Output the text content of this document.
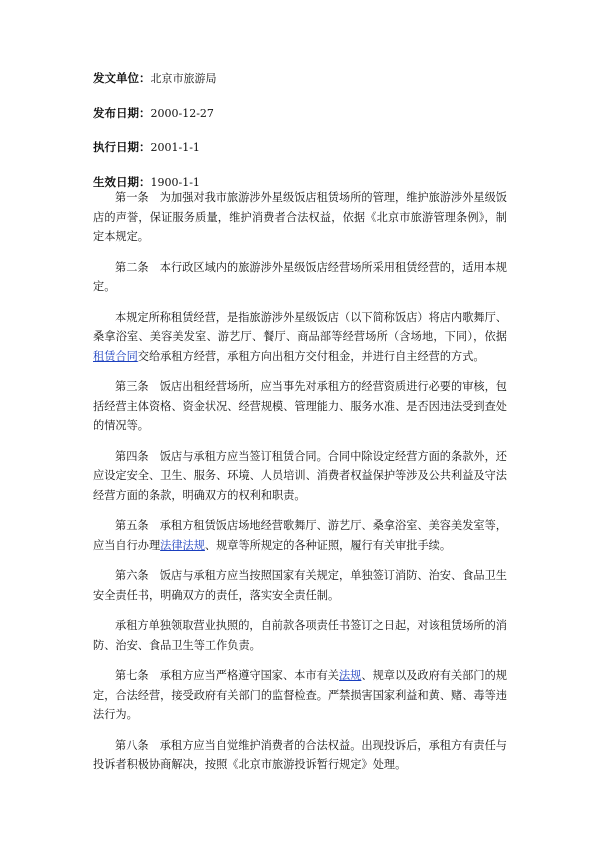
发文单位：北京市旅游局
发布日期：2000-12-27
执行日期：2001-1-1
生效日期：1900-1-1

第一条　为加强对我市旅游涉外星级饭店租赁场所的管理，维护旅游涉外星级饭店的声誉，保证服务质量，维护消费者合法权益，依据《北京市旅游管理条例》，制定本规定。

第二条　本行政区域内的旅游涉外星级饭店经营场所采用租赁经营的，适用本规定。

本规定所称租赁经营，是指旅游涉外星级饭店（以下简称饭店）将店内歌舞厅、桑拿浴室、美容美发室、游艺厅、餐厅、商品部等经营场所（含场地，下同），依据租赁合同交给承租方经营，承租方向出租方交付租金，并进行自主经营的方式。

第三条　饭店出租经营场所，应当事先对承租方的经营资质进行必要的审核，包括经营主体资格、资金状况、经营规模、管理能力、服务水准、是否因违法受到查处的情况等。

第四条　饭店与承租方应当签订租赁合同。合同中除设定经营方面的条款外，还应设定安全、卫生、服务、环境、人员培训、消费者权益保护等涉及公共利益及守法经营方面的条款，明确双方的权利和职责。

第五条　承租方租赁饭店场地经营歌舞厅、游艺厅、桑拿浴室、美容美发室等，应当自行办理法律法规、规章等所规定的各种证照，履行有关审批手续。

第六条　饭店与承租方应当按照国家有关规定，单独签订消防、治安、食品卫生安全责任书，明确双方的责任，落实安全责任制。

承租方单独领取营业执照的，自前款各项责任书签订之日起，对该租赁场所的消防、治安、食品卫生等工作负责。

第七条　承租方应当严格遵守国家、本市有关法规、规章以及政府有关部门的规定，合法经营，接受政府有关部门的监督检查。严禁损害国家利益和黄、赌、毒等违法行为。

第八条　承租方应当自觉维护消费者的合法权益。出现投诉后，承租方有责任与投诉者积极协商解决，按照《北京市旅游投诉暂行规定》处理。
